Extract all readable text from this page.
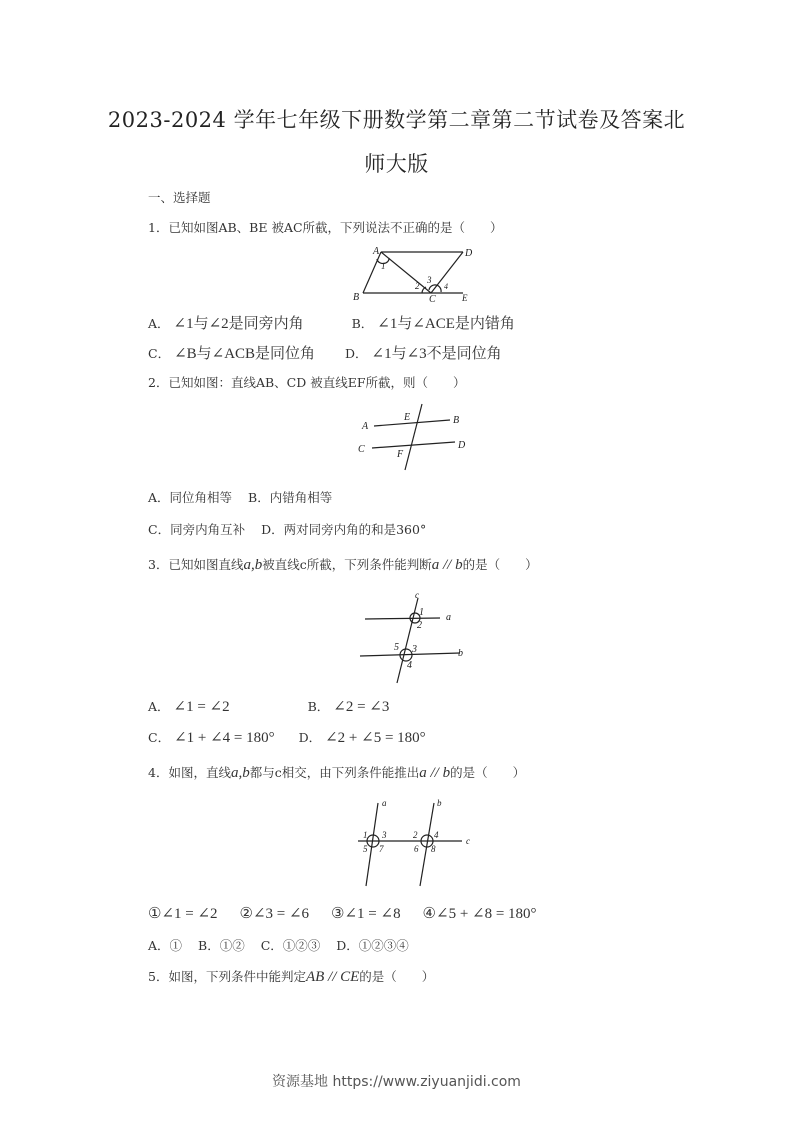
2023-2024 学年七年级下册数学第二章第二节试卷及答案北
师大版
一、选择题
1．已知如图AB、BE 被AC所截，下列说法不正确的是（　　）
A	D
1
3
2	4
B	C	E
A． ∠1与∠2是同旁内角	B． ∠1与∠ACE是内错角
C． ∠B与∠ACB是同位角 D． ∠1与∠3不是同位角
2．已知如图：直线AB、CD 被直线EF所截，则（　　）
A
E	B
C	F
D
A．同位角相等 B．内错角相等
C．同旁内角互补 D．两对同旁内角的和是360°
3．已知如图直线a,b被直线c所截，下列条件能判断a // b的是（　　）
c
1 a
2
5 3	b
4
A． ∠1 = ∠2	B． ∠2 = ∠3
C． ∠1 + ∠4 = 180° D． ∠2 + ∠5 = 180°
4．如图，直线a,b都与c相交，由下列条件能推出a // b的是（　　）
a	b
1 3	2 4
c
5 7	6 8
①∠1 = ∠2 ②∠3 = ∠6 ③∠1 = ∠8 ④∠5 + ∠8 = 180°
A．① B．①② C．①②③ D．①②③④
5．如图，下列条件中能判定AB // CE的是（　　）
资源基地 https://www.ziyuanjidi.com
